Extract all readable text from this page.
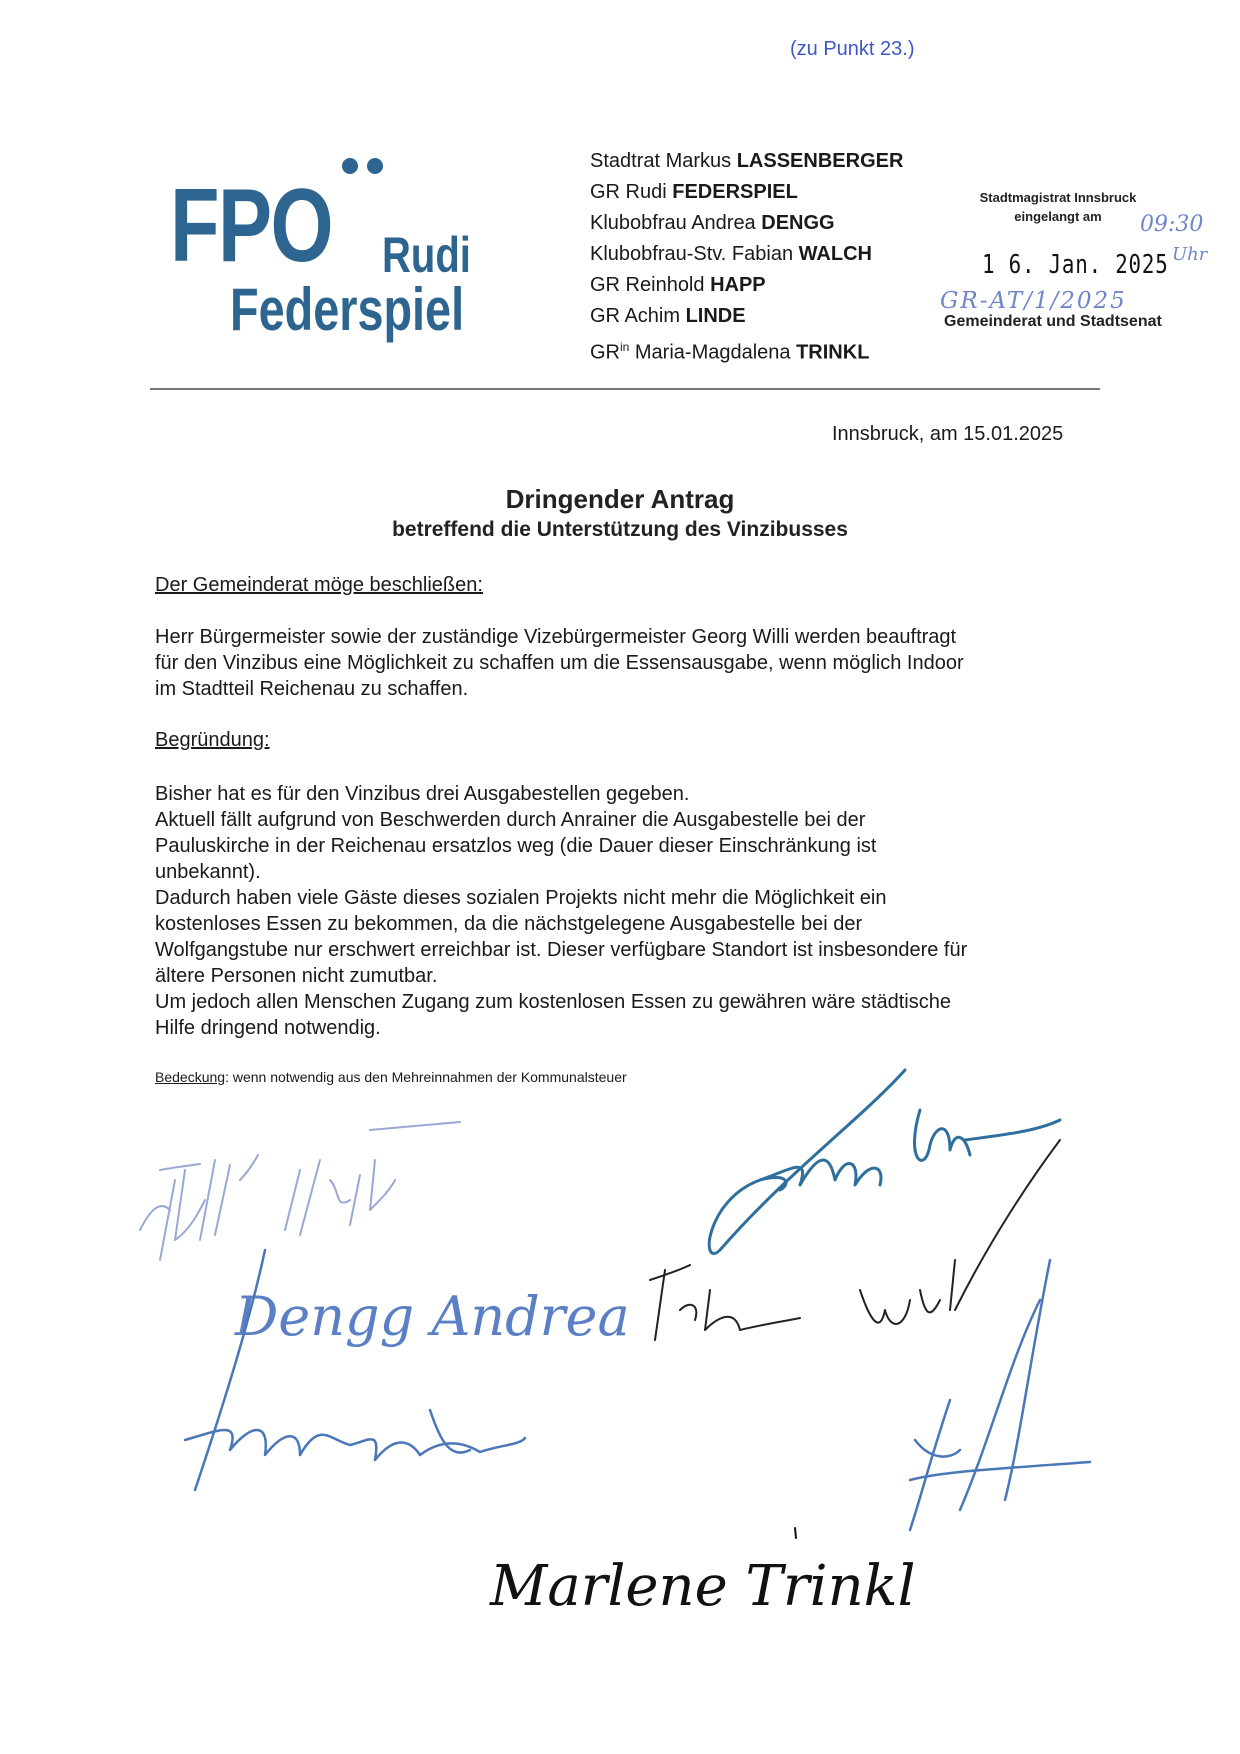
(zu Punkt 23.)
FPO Rudi
Federspiel
Stadtrat Markus LASSENBERGER
GR Rudi FEDERSPIEL
Klubobfrau Andrea DENGG
Klubobfrau-Stv. Fabian WALCH
GR Reinhold HAPP
GR Achim LINDE
$GR^{in}$ Maria-Magdalena TRINKL
Stadtmagistrat Innsbruck
eingelangt am
1 6. Jan. 2025
09:30
Uhr
GR-AT/1/2025
Gemeinderat und Stadtsenat
Innsbruck, am 15.01.2025
Dringender Antrag
betreffend die Unterstützung des Vinzibusses
Der Gemeinderat möge beschließen:
Herr Bürgermeister sowie der zuständige Vizebürgermeister Georg Willi werden beauftragt
für den Vinzibus eine Möglichkeit zu schaffen um die Essensausgabe, wenn möglich Indoor
im Stadtteil Reichenau zu schaffen.
Begründung:
Bisher hat es für den Vinzibus drei Ausgabestellen gegeben.
Aktuell fällt aufgrund von Beschwerden durch Anrainer die Ausgabestelle bei der
Pauluskirche in der Reichenau ersatzlos weg (die Dauer dieser Einschränkung ist
unbekannt).
Dadurch haben viele Gäste dieses sozialen Projekts nicht mehr die Möglichkeit ein
kostenloses Essen zu bekommen, da die nächstgelegene Ausgabestelle bei der
Wolfgangstube nur erschwert erreichbar ist. Dieser verfügbare Standort ist insbesondere für
ältere Personen nicht zumutbar.
Um jedoch allen Menschen Zugang zum kostenlosen Essen zu gewähren wäre städtische
Hilfe dringend notwendig.
Bedeckung: wenn notwendig aus den Mehreinnahmen der Kommunalsteuer
Dengg Andrea
Marlene Trinkl
